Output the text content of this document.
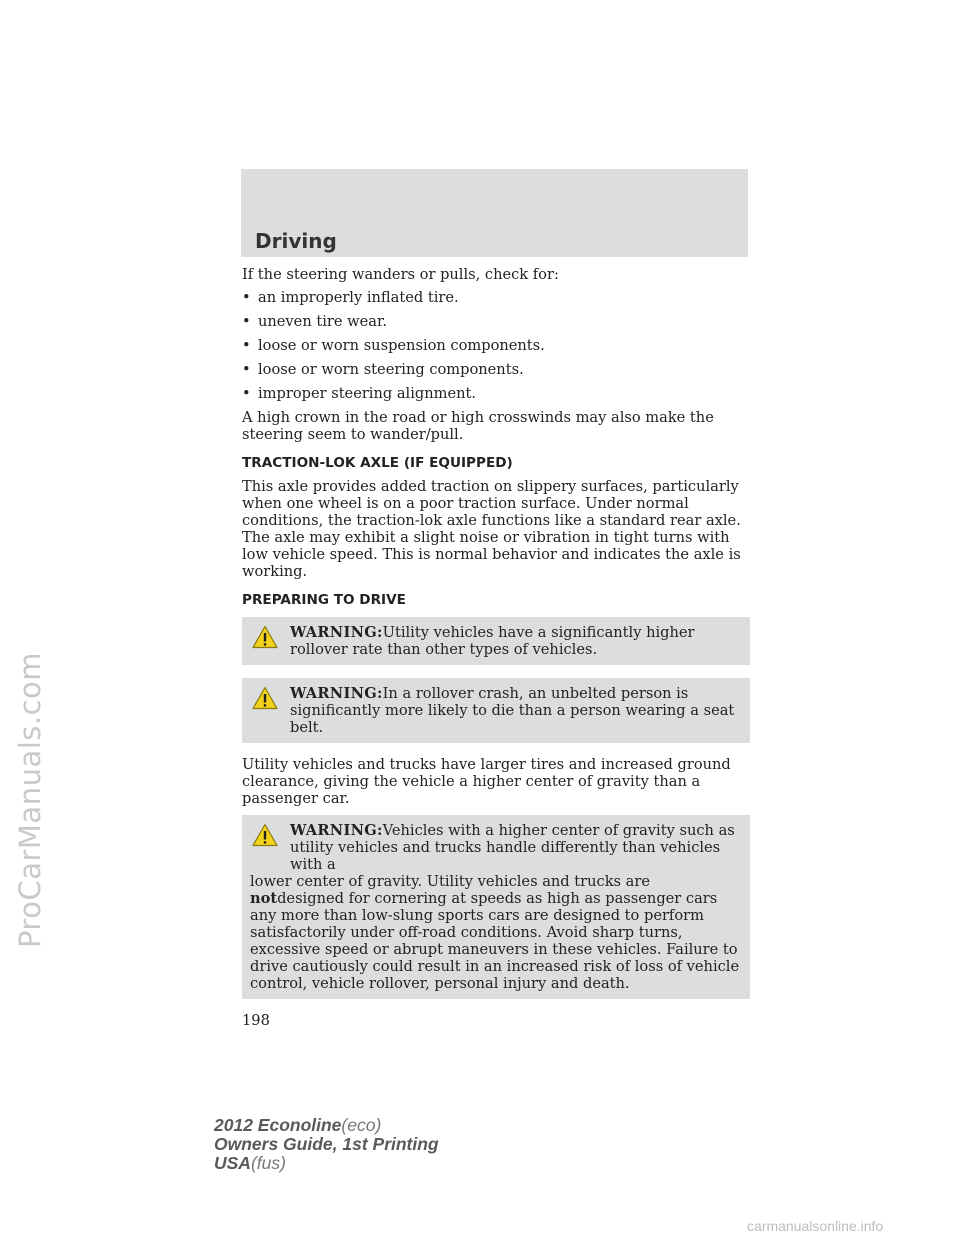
ProCarManuals.com
Driving

If the steering wanders or pulls, check for:

• an improperly inflated tire.
• uneven tire wear.
• loose or worn suspension components.
• loose or worn steering components.
• improper steering alignment.

A high crown in the road or high crosswinds may also make the steering seem to wander/pull.

TRACTION-LOK AXLE (IF EQUIPPED)

This axle provides added traction on slippery surfaces, particularly when one wheel is on a poor traction surface. Under normal conditions, the traction-lok axle functions like a standard rear axle. The axle may exhibit a slight noise or vibration in tight turns with low vehicle speed. This is normal behavior and indicates the axle is working.

PREPARING TO DRIVE
WARNING:Utility vehicles have a significantly higher rollover rate than other types of vehicles.
WARNING:In a rollover crash, an unbelted person is significantly more likely to die than a person wearing a seat belt.

Utility vehicles and trucks have larger tires and increased ground clearance, giving the vehicle a higher center of gravity than a passenger car.

WARNING:Vehicles with a higher center of gravity such as utility vehicles and trucks handle differently than vehicles with a
lower center of gravity. Utility vehicles and trucks are notdesigned for cornering at speeds as high as passenger cars any more than low-slung sports cars are designed to perform satisfactorily under off-road conditions. Avoid sharp turns, excessive speed or abrupt maneuvers in these vehicles. Failure to drive cautiously could result in an increased risk of loss of vehicle control, vehicle rollover, personal injury and death.

198

2012 Econoline(eco)
Owners Guide, 1st Printing
USA(fus)
carmanualsonline.info
